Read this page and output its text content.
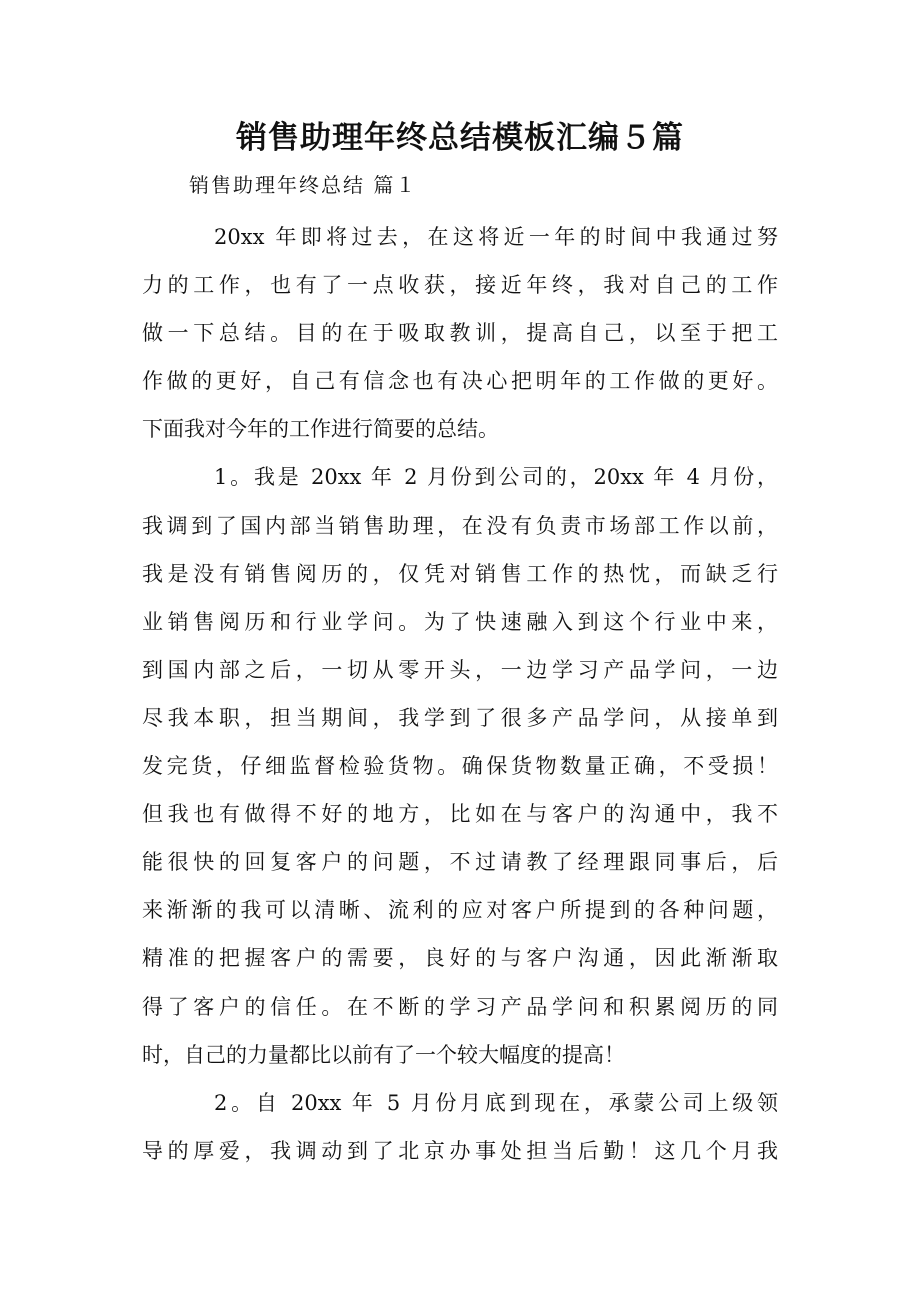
销售助理年终总结模板汇编５篇

销售助理年终总结 篇１

20xx 年即将过去，在这将近一年的时间中我通过努

力的工作，也有了一点收获，接近年终，我对自己的工作

做一下总结。目的在于吸取教训，提高自己，以至于把工

作做的更好，自己有信念也有决心把明年的工作做的更好。

下面我对今年的工作进行简要的总结。

1。我是 20xx 年 2 月份到公司的，20xx 年 4 月份，

我调到了国内部当销售助理，在没有负责市场部工作以前，

我是没有销售阅历的，仅凭对销售工作的热忱，而缺乏行

业销售阅历和行业学问。为了快速融入到这个行业中来，

到国内部之后，一切从零开头，一边学习产品学问，一边

尽我本职，担当期间，我学到了很多产品学问，从接单到

发完货，仔细监督检验货物。确保货物数量正确，不受损！

但我也有做得不好的地方，比如在与客户的沟通中，我不

能很快的回复客户的问题，不过请教了经理跟同事后，后

来渐渐的我可以清晰、流利的应对客户所提到的各种问题，

精准的把握客户的需要，良好的与客户沟通，因此渐渐取

得了客户的信任。在不断的学习产品学问和积累阅历的同

时，自己的力量都比以前有了一个较大幅度的提高！

2。自 20xx 年 5 月份月底到现在，承蒙公司上级领

导的厚爱，我调动到了北京办事处担当后勤！这几个月我
